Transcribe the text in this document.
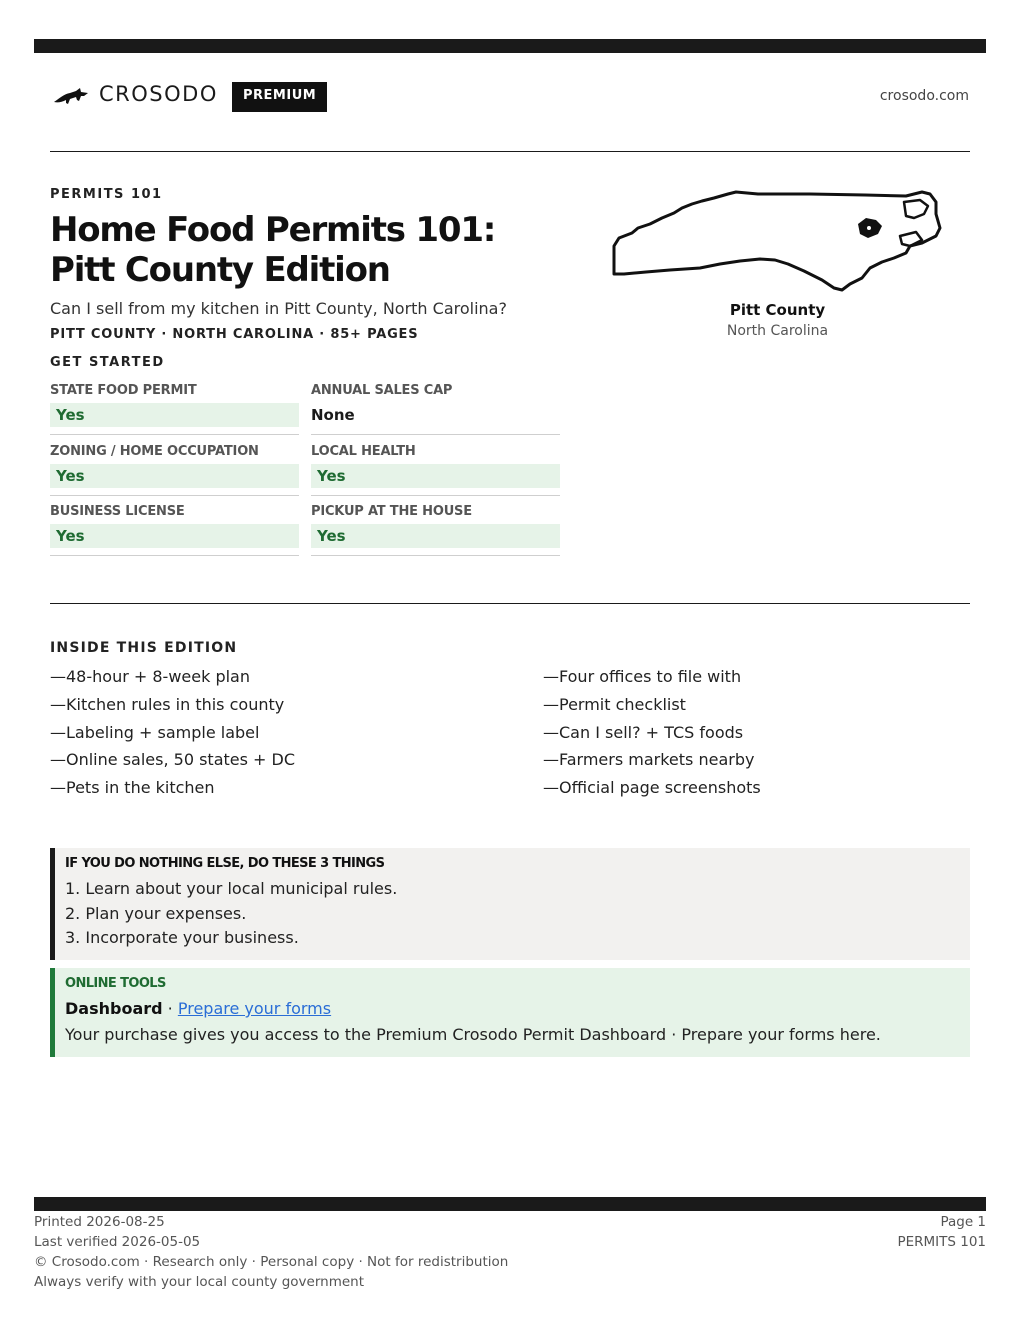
CROSODO	PREMIUM	crosodo.com
PERMITS 101
Home Food Permits 101: Pitt County Edition
Can I sell from my kitchen in Pitt County, North Carolina?
PITT COUNTY · NORTH CAROLINA · 85+ PAGES
GET STARTED
STATE FOOD PERMIT
Yes
ANNUAL SALES CAP
None
ZONING / HOME OCCUPATION
Yes
LOCAL HEALTH
Yes
BUSINESS LICENSE
Yes
PICKUP AT THE HOUSE
Yes
Pitt County
North Carolina
INSIDE THIS EDITION
—48-hour + 8-week plan
—Kitchen rules in this county
—Labeling + sample label
—Online sales, 50 states + DC
—Pets in the kitchen
—Four offices to file with
—Permit checklist
—Can I sell? + TCS foods
—Farmers markets nearby
—Official page screenshots
IF YOU DO NOTHING ELSE, DO THESE 3 THINGS
1. Learn about your local municipal rules.
2. Plan your expenses.
3. Incorporate your business.
ONLINE TOOLS
Dashboard · Prepare your forms
Your purchase gives you access to the Premium Crosodo Permit Dashboard · Prepare your forms here.
Printed 2026-08-25
Last verified 2026-05-05
© Crosodo.com · Research only · Personal copy · Not for redistribution
Always verify with your local county government
Page 1
PERMITS 101
